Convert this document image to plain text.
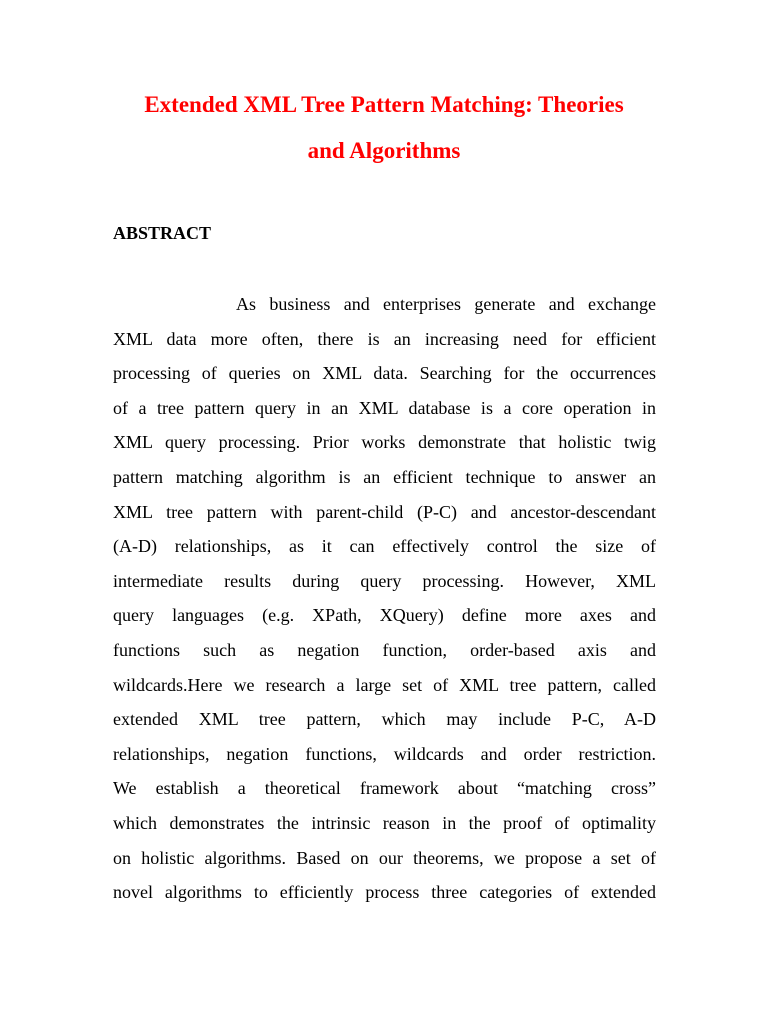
Extended XML Tree Pattern Matching: Theories
and Algorithms
ABSTRACT
As business and enterprises generate and exchange
XML data more often, there is an increasing need for efficient
processing of queries on XML data. Searching for the occurrences
of a tree pattern query in an XML database is a core operation in
XML query processing. Prior works demonstrate that holistic twig
pattern matching algorithm is an efficient technique to answer an
XML tree pattern with parent-child (P-C) and ancestor-descendant
(A-D) relationships, as it can effectively control the size of
intermediate results during query processing. However, XML
query languages (e.g. XPath, XQuery) define more axes and
functions such as negation function, order-based axis and
wildcards.Here we research a large set of XML tree pattern, called
extended XML tree pattern, which may include P-C, A-D
relationships, negation functions, wildcards and order restriction.
We establish a theoretical framework about “matching cross”
which demonstrates the intrinsic reason in the proof of optimality
on holistic algorithms. Based on our theorems, we propose a set of
novel algorithms to efficiently process three categories of extended
